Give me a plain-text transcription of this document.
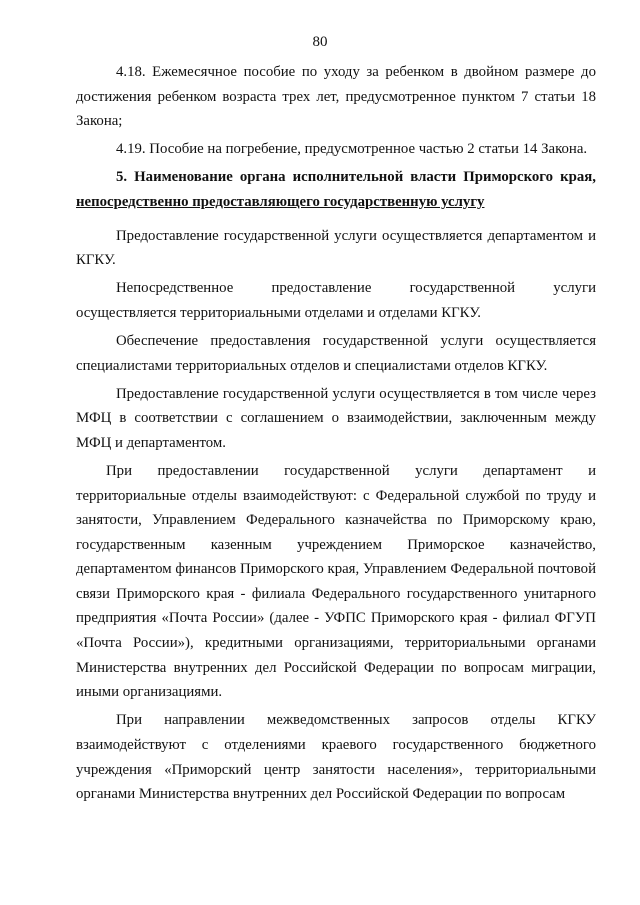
80

4.18. Ежемесячное пособие по уходу за ребенком в двойном размере до достижения ребенком возраста трех лет, предусмотренное пунктом 7 статьи 18 Закона;

4.19. Пособие на погребение, предусмотренное частью 2 статьи 14 Закона.

5. Наименование органа исполнительной власти Приморского края, непосредственно предоставляющего государственную услугу

Предоставление государственной услуги осуществляется департаментом и КГКУ.

Непосредственное предоставление государственной услуги осуществляется территориальными отделами и отделами КГКУ.

Обеспечение предоставления государственной услуги осуществляется специалистами территориальных отделов и специалистами отделов КГКУ.

Предоставление государственной услуги осуществляется в том числе через МФЦ в соответствии с соглашением о взаимодействии, заключенным между МФЦ и департаментом.

При предоставлении государственной услуги департамент и территориальные отделы взаимодействуют: с Федеральной службой по труду и занятости, Управлением Федерального казначейства по Приморскому краю, государственным казенным учреждением Приморское казначейство, департаментом финансов Приморского края, Управлением Федеральной почтовой связи Приморского края - филиала Федерального государственного унитарного предприятия «Почта России» (далее - УФПС Приморского края - филиал ФГУП «Почта России»), кредитными организациями, территориальными органами Министерства внутренних дел Российской Федерации по вопросам миграции, иными организациями.

При направлении межведомственных запросов отделы КГКУ взаимодействуют с отделениями краевого государственного бюджетного учреждения «Приморский центр занятости населения», территориальными органами Министерства внутренних дел Российской Федерации по вопросам
